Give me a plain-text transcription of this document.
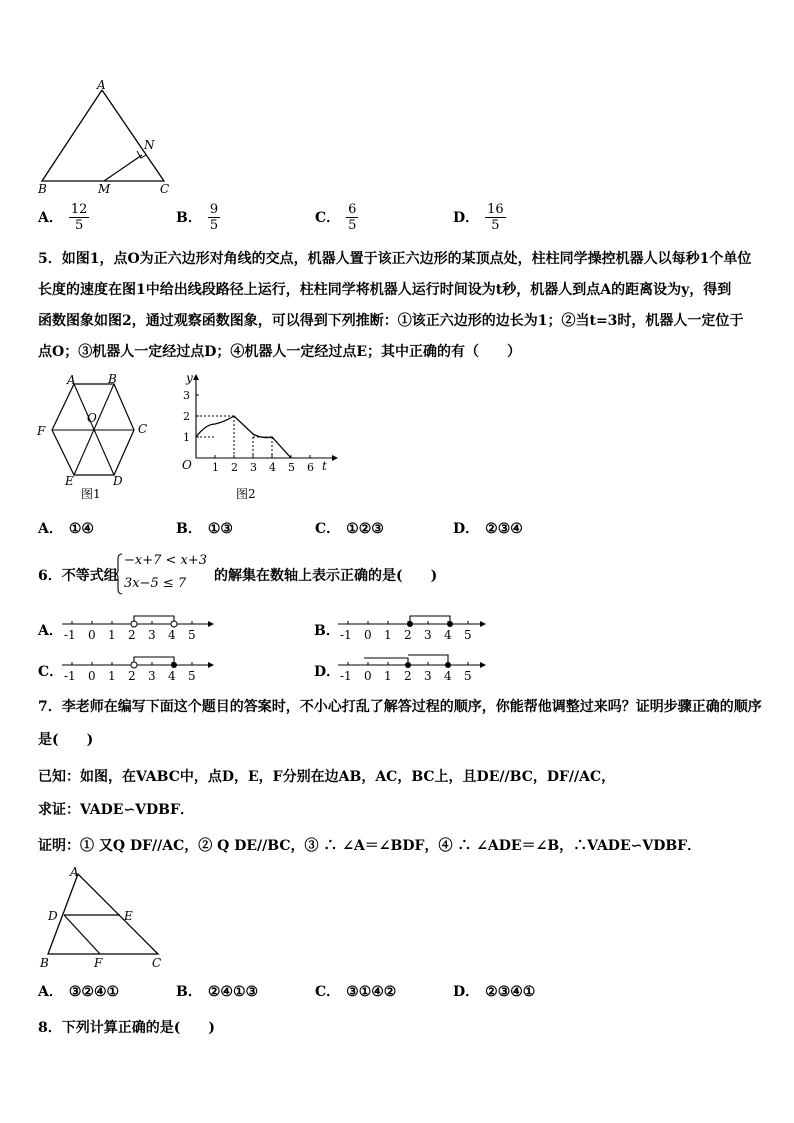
A
B	C
M
N
A． $\frac{12}{5}$	B． $\frac{9}{5}$	C． $\frac{6}{5}$	D． $\frac{16}{5}$
5．如图1，点O为正六边形对角线的交点，机器人置于该正六边形的某顶点处，柱柱同学操控机器人以每秒1个单位
长度的速度在图1中给出线段路径上运行，柱柱同学将机器人运行时间设为t秒，机器人到点A的距离设为y，得到
函数图象如图2，通过观察函数图象，可以得到下列推断：①该正六边形的边长为1；②当t=3时，机器人一定位于
点O；③机器人一定经过点D；④机器人一定经过点E；其中正确的有（　　）
A	B
C
D
E
F
O
图1
y
t
O
1
2
3
1 2 3 4 5 6
图2
A． ①④	B． ①③	C． ①②③	D． ②③④
6．不等式组
−x+7 < x+3
3x−5 ≤ 7 的解集在数轴上表示正确的是(　　)
A． -1 0 1 2 3 4 5	B． -1 0 1 2 3 4 5
C． -1 0 1 2 3 4 5	D． -1 0 1 2 3 4 5
7．李老师在编写下面这个题目的答案时，不小心打乱了解答过程的顺序，你能帮他调整过来吗？证明步骤正确的顺序
是(　　)
已知：如图，在VABC中，点D，E，F分别在边AB，AC，BC上，且DE//BC，DF//AC，
求证：VADE∽VDBF．
证明：① 又Q DF//AC，② Q DE//BC，③ ∴ ∠A＝∠BDF，④ ∴ ∠ADE＝∠B，∴VADE∽VDBF．
A
B	C
D	E
F
A． ③②④①	B． ②④①③	C． ③①④②	D． ②③④①
8．下列计算正确的是(　　)
